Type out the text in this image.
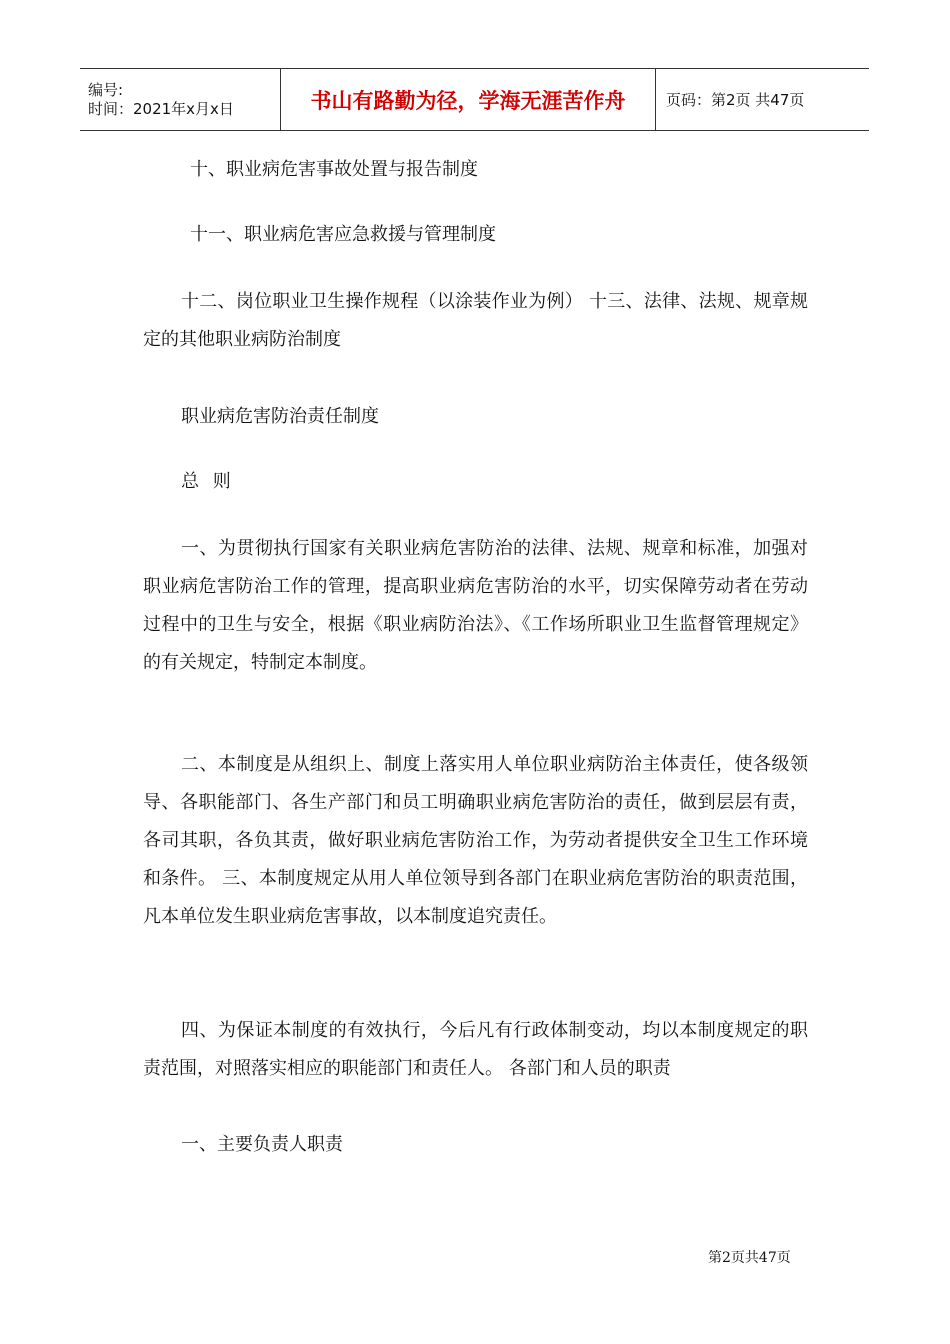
编号:
时间：2021年x月x日	书山有路勤为径，学海无涯苦作舟	页码：第2页 共47页

十、职业病危害事故处置与报告制度

十一、职业病危害应急救援与管理制度

十二、岗位职业卫生操作规程（以涂装作业为例） 十三、法律、法规、规章规定的其他职业病防治制度

职业病危害防治责任制度

总 则

一、为贯彻执行国家有关职业病危害防治的法律、法规、规章和标准，加强对职业病危害防治工作的管理，提高职业病危害防治的水平，切实保障劳动者在劳动过程中的卫生与安全，根据《职业病防治法》、《工作场所职业卫生监督管理规定》的有关规定，特制定本制度。

二、本制度是从组织上、制度上落实用人单位职业病防治主体责任，使各级领导、各职能部门、各生产部门和员工明确职业病危害防治的责任，做到层层有责，各司其职，各负其责，做好职业病危害防治工作，为劳动者提供安全卫生工作环境和条件。 三、本制度规定从用人单位领导到各部门在职业病危害防治的职责范围，凡本单位发生职业病危害事故，以本制度追究责任。

四、为保证本制度的有效执行，今后凡有行政体制变动，均以本制度规定的职责范围，对照落实相应的职能部门和责任人。 各部门和人员的职责

一、主要负责人职责

第2页共47页
